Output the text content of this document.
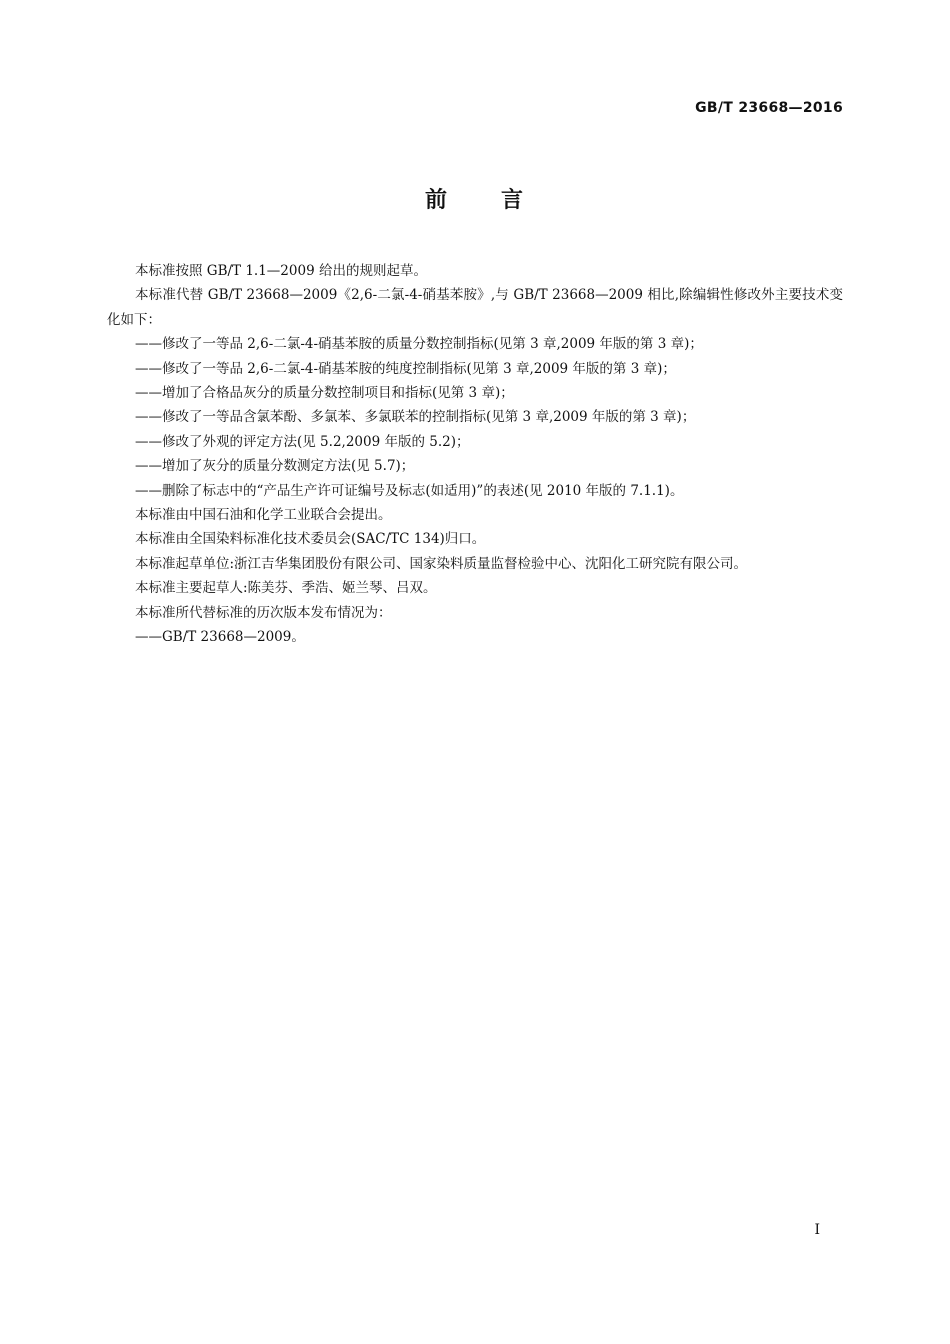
GB/T 23668—2016
前 言

本标准按照 GB/T 1.1—2009 给出的规则起草。

本标准代替 GB/T 23668—2009《2,6-二氯-4-硝基苯胺》,与 GB/T 23668—2009 相比,除编辑性修改外主要技术变化如下：

——修改了一等品 2,6-二氯-4-硝基苯胺的质量分数控制指标(见第 3 章,2009 年版的第 3 章)；

——修改了一等品 2,6-二氯-4-硝基苯胺的纯度控制指标(见第 3 章,2009 年版的第 3 章)；

——增加了合格品灰分的质量分数控制项目和指标(见第 3 章)；

——修改了一等品含氯苯酚、多氯苯、多氯联苯的控制指标(见第 3 章,2009 年版的第 3 章)；

——修改了外观的评定方法(见 5.2,2009 年版的 5.2)；

——增加了灰分的质量分数测定方法(见 5.7)；

——删除了标志中的“产品生产许可证编号及标志(如适用)”的表述(见 2010 年版的 7.1.1)。

本标准由中国石油和化学工业联合会提出。

本标准由全国染料标准化技术委员会(SAC/TC 134)归口。

本标准起草单位:浙江吉华集团股份有限公司、国家染料质量监督检验中心、沈阳化工研究院有限公司。

本标准主要起草人:陈美芬、季浩、姬兰琴、吕双。

本标准所代替标准的历次版本发布情况为：

——GB/T 23668—2009。

I
